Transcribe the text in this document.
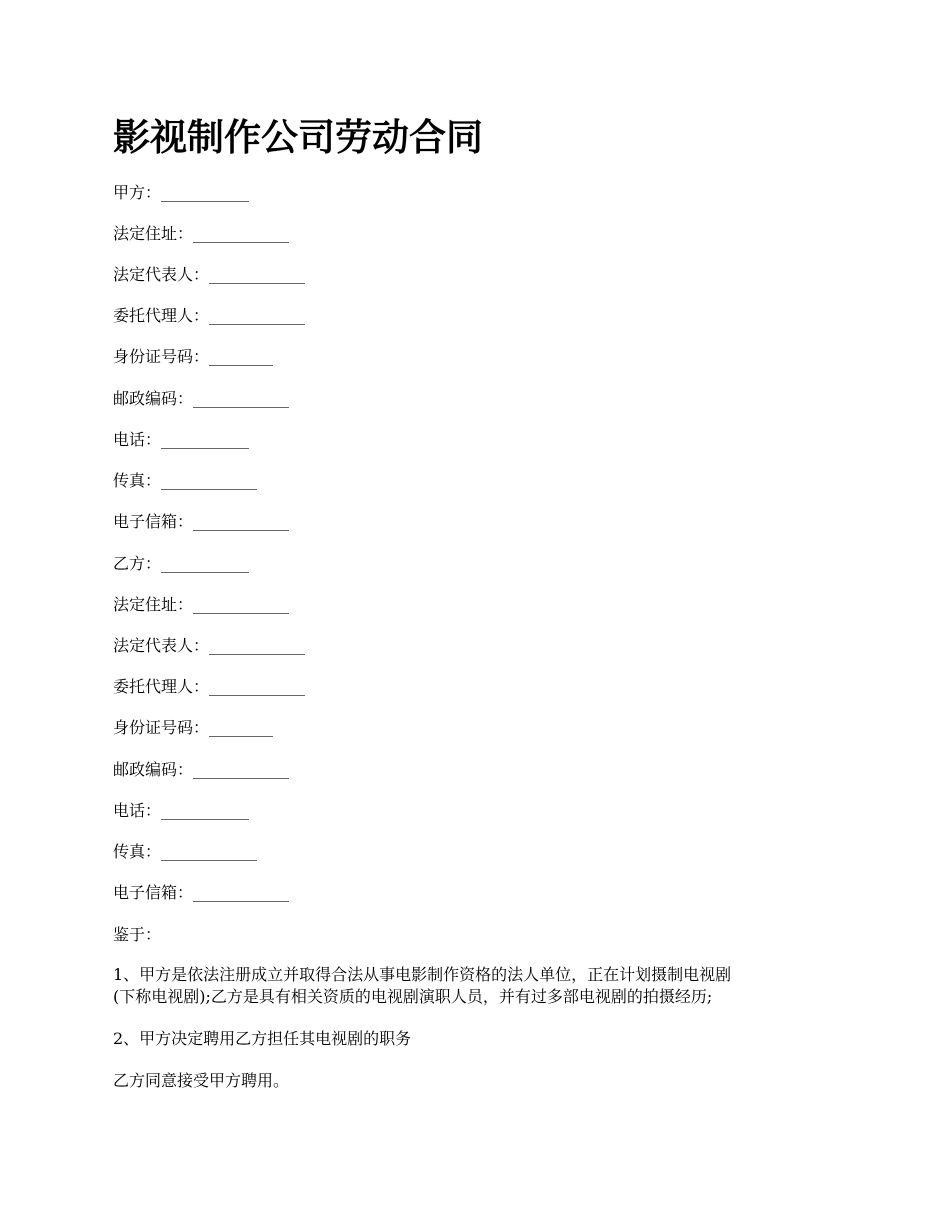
影视制作公司劳动合同

甲方：___________

法定住址：____________

法定代表人：____________

委托代理人：____________

身份证号码：________

邮政编码：____________

电话：___________

传真：____________

电子信箱：____________

乙方：___________

法定住址：____________

法定代表人：____________

委托代理人：____________

身份证号码：________

邮政编码：____________

电话：___________

传真：____________

电子信箱：____________

鉴于：

1、甲方是依法注册成立并取得合法从事电影制作资格的法人单位，正在计划摄制电视剧
(下称电视剧);乙方是具有相关资质的电视剧演职人员，并有过多部电视剧的拍摄经历;

2、甲方决定聘用乙方担任其电视剧的职务

乙方同意接受甲方聘用。
